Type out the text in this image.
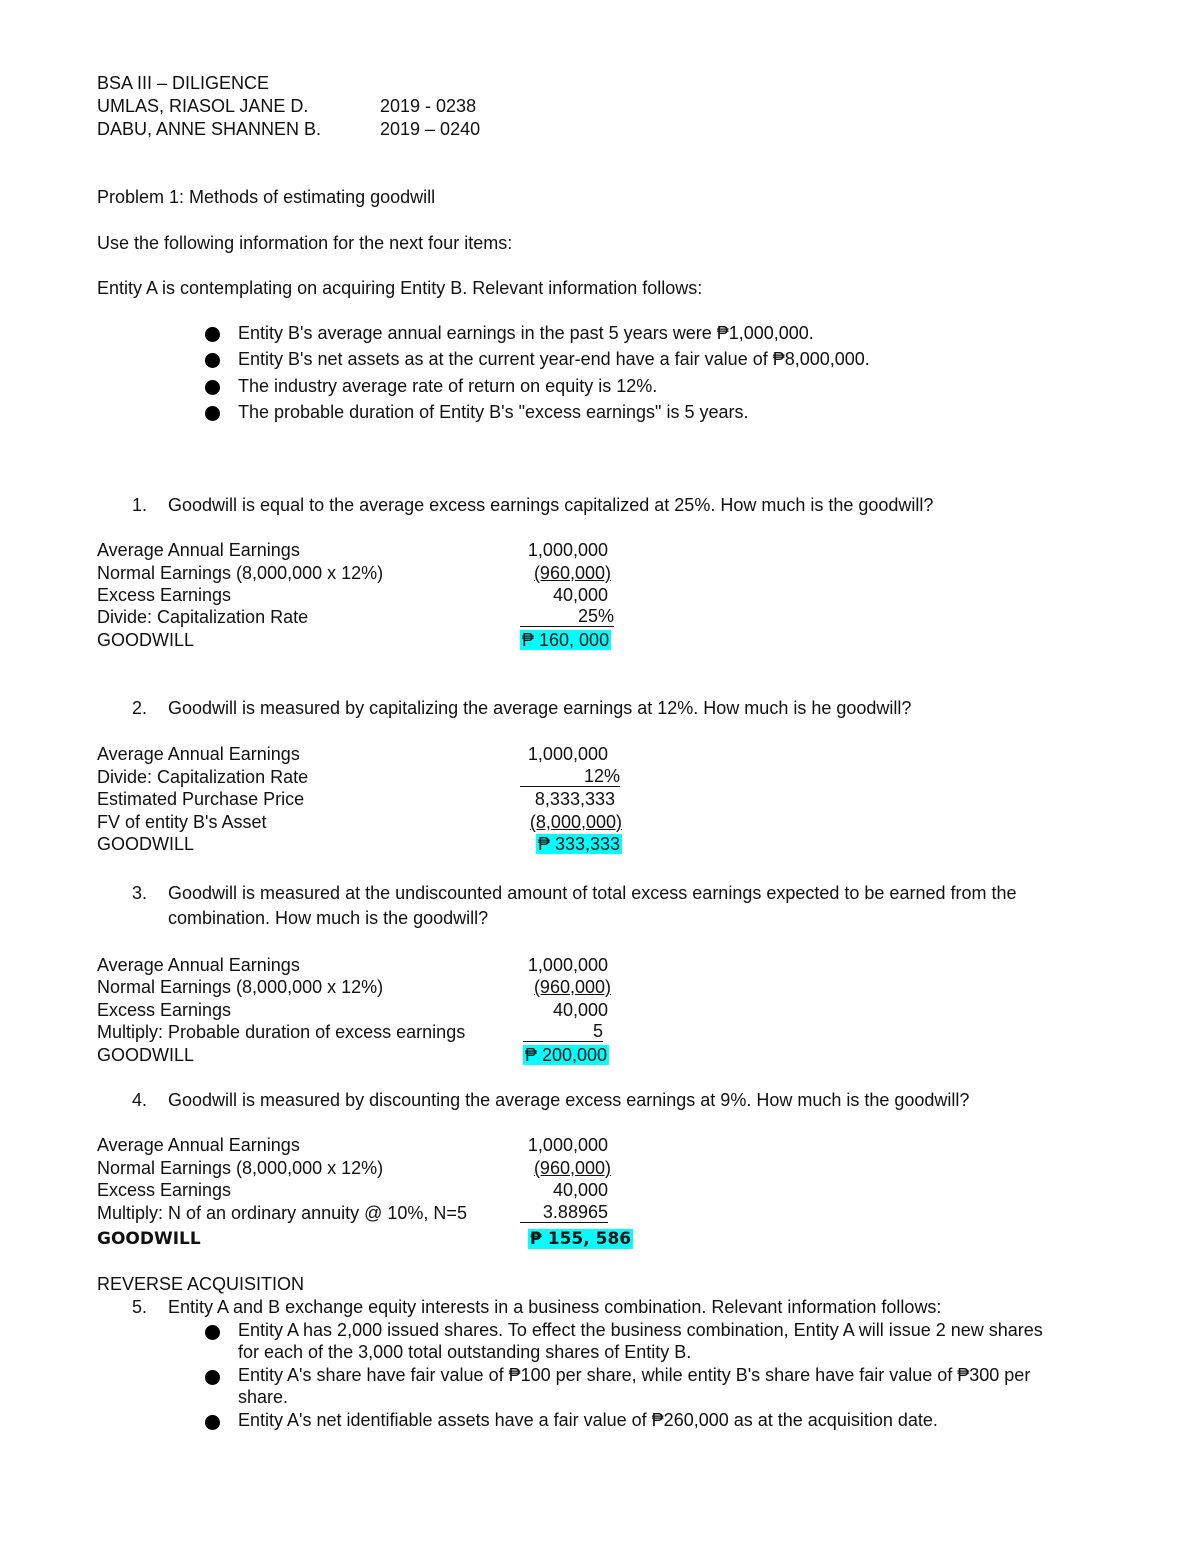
BSA III – DILIGENCE
UMLAS, RIASOL JANE D.	2019 - 0238
DABU, ANNE SHANNEN B.	2019 – 0240
Problem 1: Methods of estimating goodwill
Use the following information for the next four items:
Entity A is contemplating on acquiring Entity B. Relevant information follows:
Entity B's average annual earnings in the past 5 years were ₱1,000,000.
Entity B's net assets as at the current year-end have a fair value of ₱8,000,000.
The industry average rate of return on equity is 12%.
The probable duration of Entity B's "excess earnings" is 5 years.
1. Goodwill is equal to the average excess earnings capitalized at 25%. How much is the goodwill?
Average Annual Earnings	1,000,000
Normal Earnings (8,000,000 x 12%)	(960,000)
Excess Earnings	40,000
Divide: Capitalization Rate	25%
GOODWILL	₱ 160, 000
2. Goodwill is measured by capitalizing the average earnings at 12%. How much is he goodwill?
Average Annual Earnings	1,000,000
Divide: Capitalization Rate	12%
Estimated Purchase Price	8,333,333
FV of entity B's Asset	(8,000,000)
GOODWILL	₱ 333,333
3. Goodwill is measured at the undiscounted amount of total excess earnings expected to be earned from the
combination. How much is the goodwill?
Average Annual Earnings	1,000,000
Normal Earnings (8,000,000 x 12%)	(960,000)
Excess Earnings	40,000
Multiply: Probable duration of excess earnings	5
GOODWILL	₱ 200,000
4. Goodwill is measured by discounting the average excess earnings at 9%. How much is the goodwill?
Average Annual Earnings	1,000,000
Normal Earnings (8,000,000 x 12%)	(960,000)
Excess Earnings	40,000
Multiply: N of an ordinary annuity @ 10%, N=5	3.88965
GOODWILL	₱ 155, 586
REVERSE ACQUISITION
5. Entity A and B exchange equity interests in a business combination. Relevant information follows:
Entity A has 2,000 issued shares. To effect the business combination, Entity A will issue 2 new shares
for each of the 3,000 total outstanding shares of Entity B.
Entity A's share have fair value of ₱100 per share, while entity B's share have fair value of ₱300 per
share.
Entity A's net identifiable assets have a fair value of ₱260,000 as at the acquisition date.
